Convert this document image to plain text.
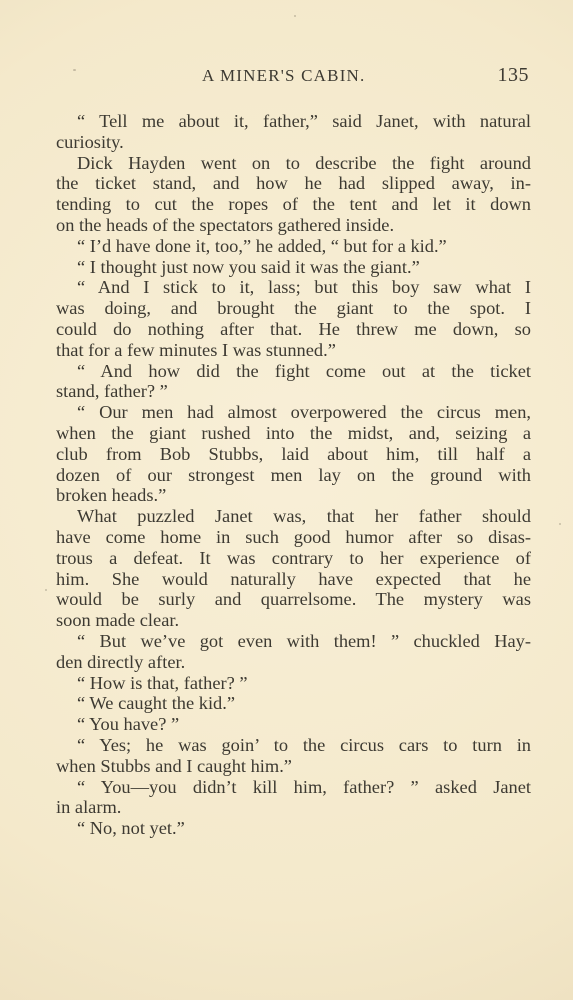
A MINER'S CABIN.	135
“ Tell me about it, father,” said Janet, with natural
curiosity.
Dick Hayden went on to describe the fight around
the ticket stand, and how he had slipped away, in-
tending to cut the ropes of the tent and let it down
on the heads of the spectators gathered inside.
“ I’d have done it, too,” he added, “ but for a kid.”
“ I thought just now you said it was the giant.”
“ And I stick to it, lass; but this boy saw what I
was doing, and brought the giant to the spot. I
could do nothing after that. He threw me down, so
that for a few minutes I was stunned.”
“ And how did the fight come out at the ticket
stand, father? ”
“ Our men had almost overpowered the circus men,
when the giant rushed into the midst, and, seizing a
club from Bob Stubbs, laid about him, till half a
dozen of our strongest men lay on the ground with
broken heads.”
What puzzled Janet was, that her father should
have come home in such good humor after so disas-
trous a defeat. It was contrary to her experience of
him. She would naturally have expected that he
would be surly and quarrelsome. The mystery was
soon made clear.
“ But we’ve got even with them! ” chuckled Hay-
den directly after.
“ How is that, father? ”
“ We caught the kid.”
“ You have? ”
“ Yes; he was goin’ to the circus cars to turn in
when Stubbs and I caught him.”
“ You—you didn’t kill him, father? ” asked Janet
in alarm.
“ No, not yet.”
